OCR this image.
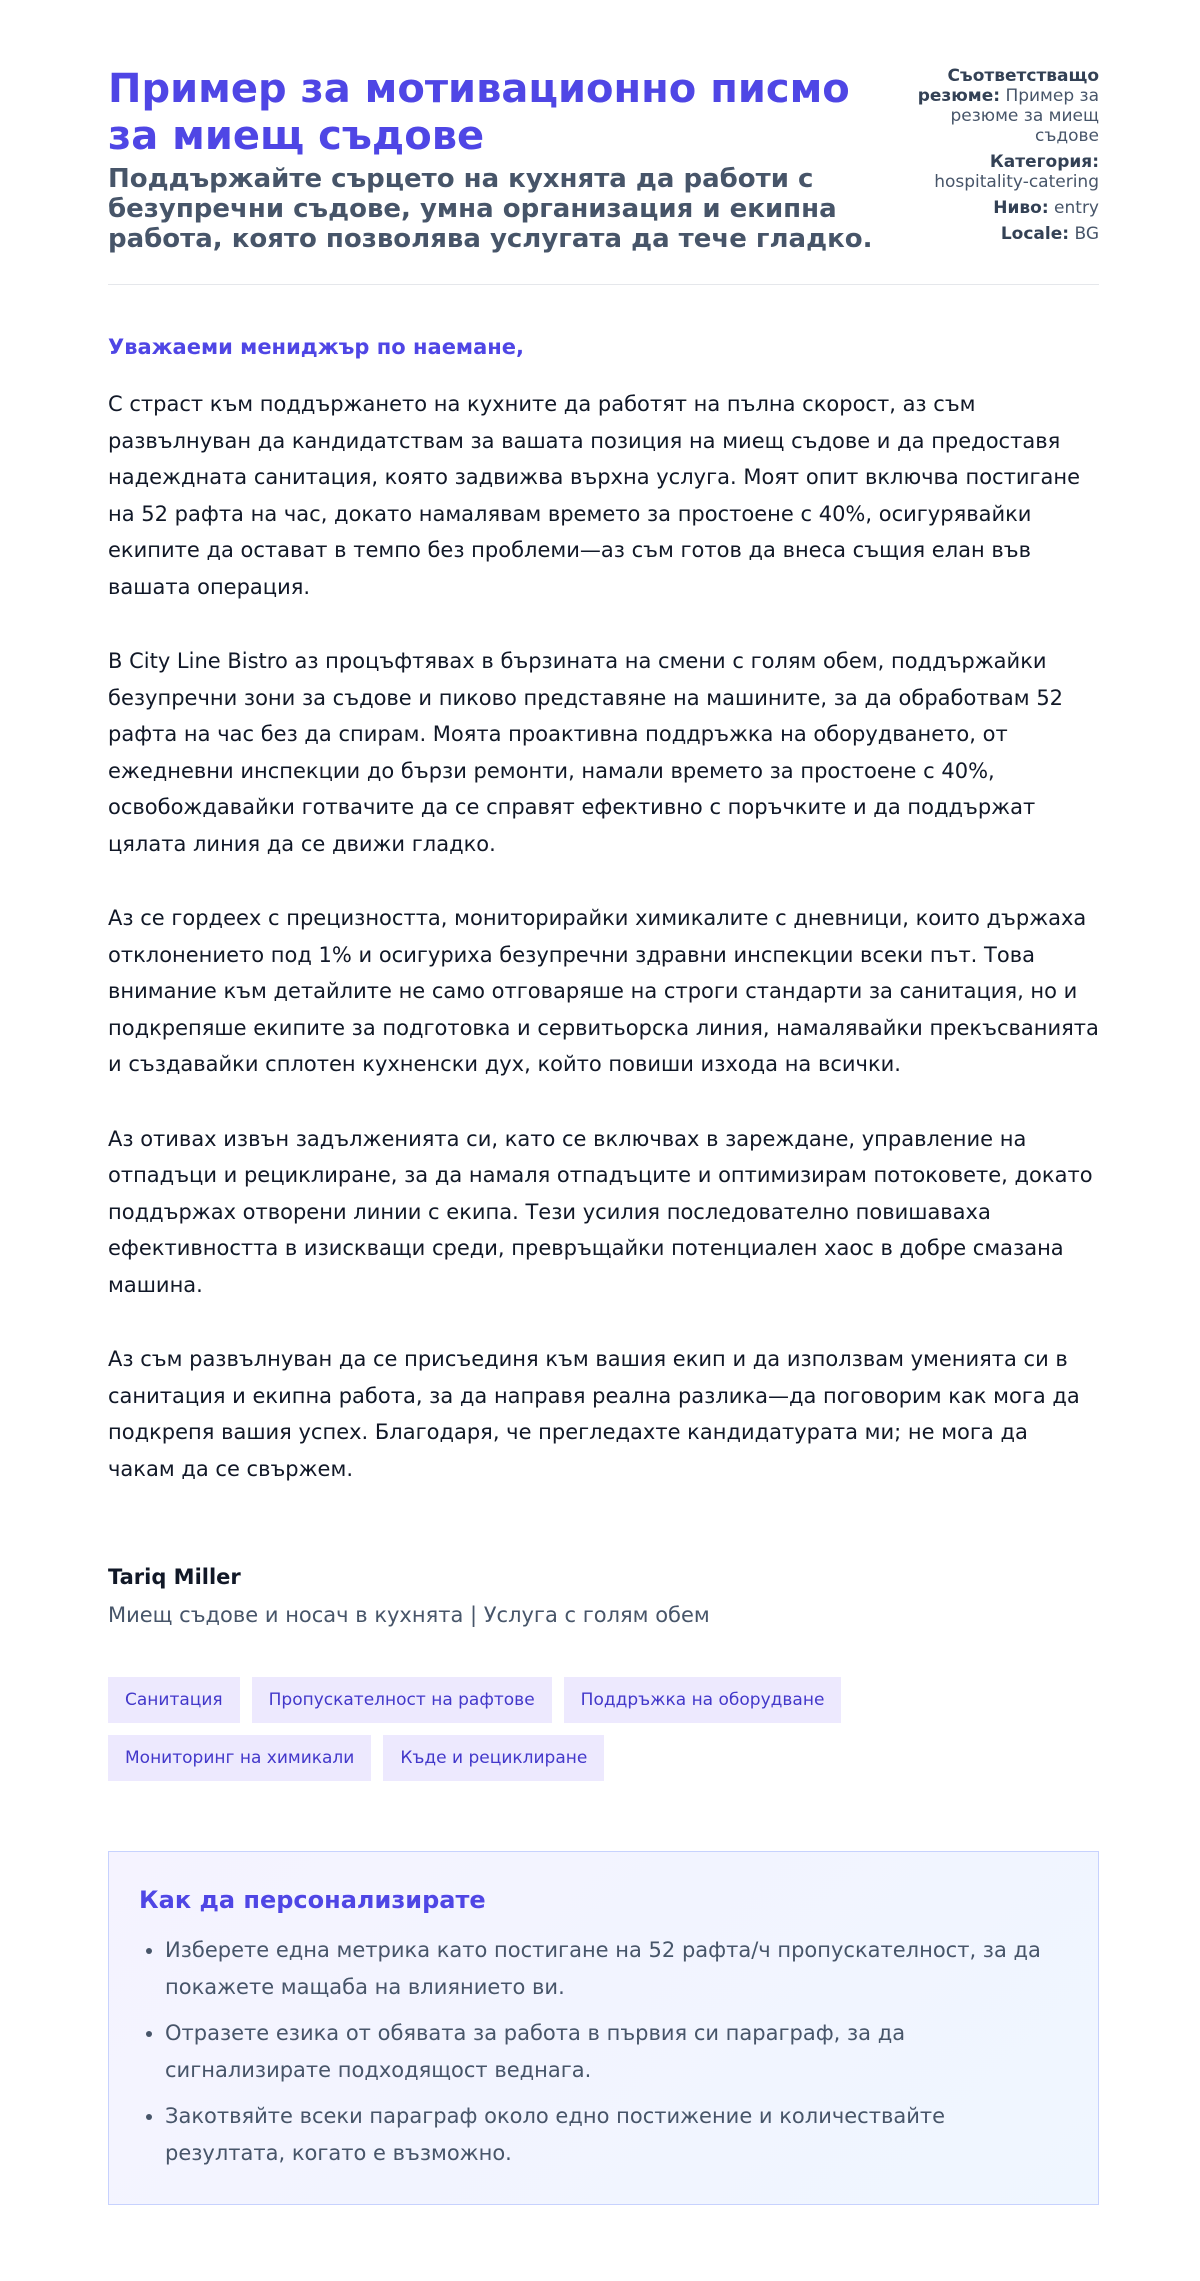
Пример за мотивационно писмо за миещ съдове
Поддържайте сърцето на кухнята да работи с безупречни съдове, умна организация и екипна работа, която позволява услугата да тече гладко.
Съответстващо резюме: Пример за резюме за миещ съдове
Категория: hospitality-catering
Ниво: entry
Locale: BG
Уважаеми мениджър по наемане,

С страст към поддържането на кухните да работят на пълна скорост, аз съм развълнуван да кандидатствам за вашата позиция на миещ съдове и да предоставя надеждната санитация, която задвижва върхна услуга. Моят опит включва постигане на 52 рафта на час, докато намалявам времето за простоене с 40%, осигурявайки екипите да остават в темпо без проблеми—аз съм готов да внеса същия елан във вашата операция.

В City Line Bistro аз процъфтявах в бързината на смени с голям обем, поддържайки безупречни зони за съдове и пиково представяне на машините, за да обработвам 52 рафта на час без да спирам. Моята проактивна поддръжка на оборудването, от ежедневни инспекции до бързи ремонти, намали времето за простоене с 40%, освобождавайки готвачите да се справят ефективно с поръчките и да поддържат цялата линия да се движи гладко.

Аз се гордеех с прецизността, мониторирайки химикалите с дневници, които държаха отклонението под 1% и осигуриха безупречни здравни инспекции всеки път. Това внимание към детайлите не само отговаряше на строги стандарти за санитация, но и подкрепяше екипите за подготовка и сервитьорска линия, намалявайки прекъсванията и създавайки сплотен кухненски дух, който повиши изхода на всички.

Аз отивах извън задълженията си, като се включвах в зареждане, управление на отпадъци и рециклиране, за да намаля отпадъците и оптимизирам потоковете, докато поддържах отворени линии с екипа. Тези усилия последователно повишаваха ефективността в изискващи среди, превръщайки потенциален хаос в добре смазана машина.

Аз съм развълнуван да се присъединя към вашия екип и да използвам уменията си в санитация и екипна работа, за да направя реална разлика—да поговорим как мога да подкрепя вашия успех. Благодаря, че прегледахте кандидатурата ми; не мога да чакам да се свържем.

Tariq Miller
Миещ съдове и носач в кухнята | Услуга с голям обем
Санитация	Пропускателност на рафтове	Поддръжка на оборудване
Мониторинг на химикали	Къде и рециклиране
Как да персонализирате
• Изберете една метрика като постигане на 52 рафта/ч пропускателност, за да покажете мащаба на влиянието ви.
• Отразете езика от обявата за работа в първия си параграф, за да сигнализирате подходящост веднага.
• Закотвяйте всеки параграф около едно постижение и количествайте резултата, когато е възможно.
